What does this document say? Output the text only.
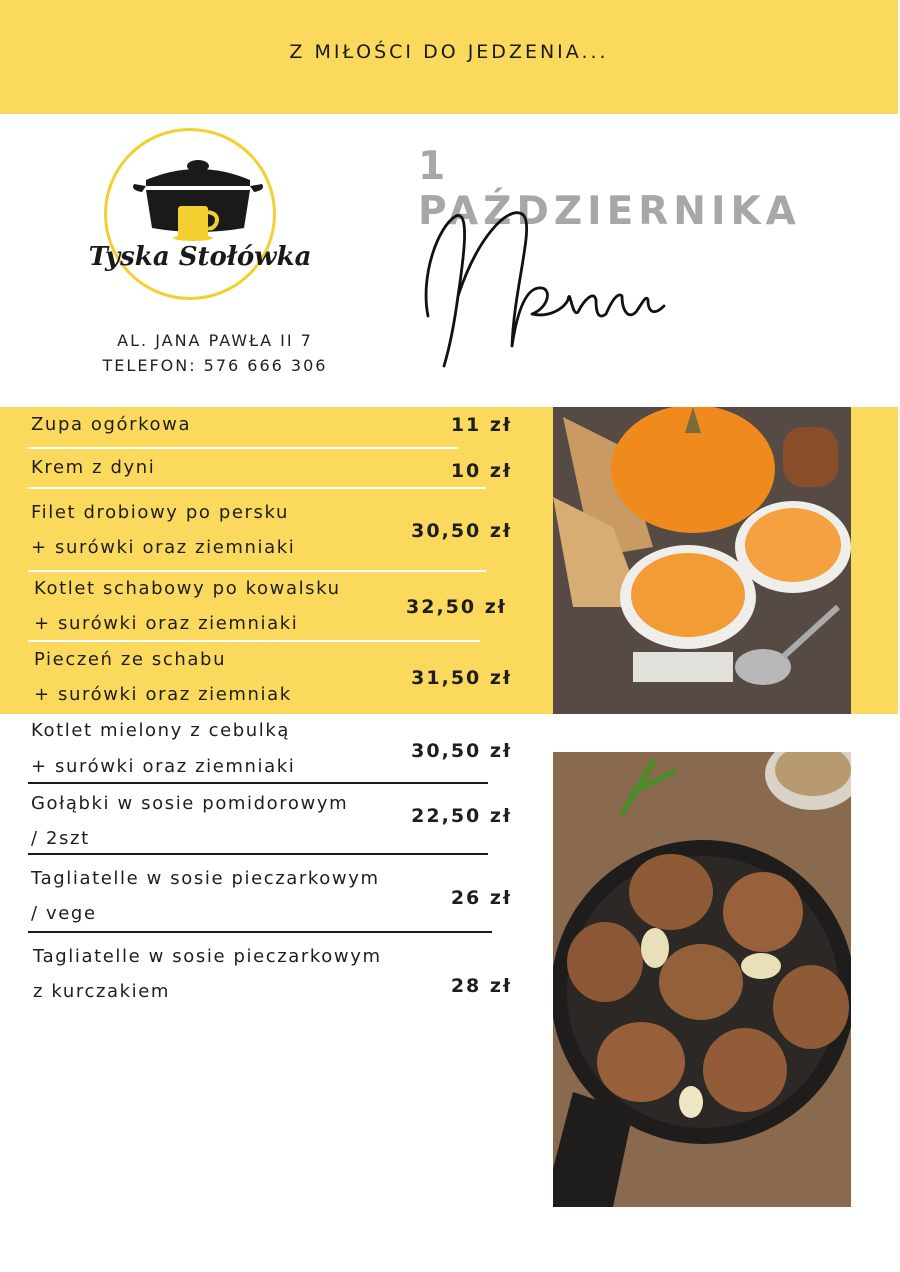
Z MIŁOŚCI DO JEDZENIA...
Tyska Stołówka
AL. JANA PAWŁA II 7
TELEFON: 576 666 306
1 PAŹDZIERNIKA
Zupa ogórkowa	11 zł
Krem z dyni	10 zł
Filet drobiowy po persku
+ surówki oraz ziemniaki
30,50 zł
Kotlet schabowy po kowalsku
+ surówki oraz ziemniaki
32,50 zł
Pieczeń ze schabu
+ surówki oraz ziemniak
31,50 zł
Kotlet mielony z cebulką
+ surówki oraz ziemniaki
30,50 zł
Gołąbki w sosie pomidorowym
/ 2szt
22,50 zł
Tagliatelle w sosie pieczarkowym
/ vege
26 zł
Tagliatelle w sosie pieczarkowym
z kurczakiem	28 zł
